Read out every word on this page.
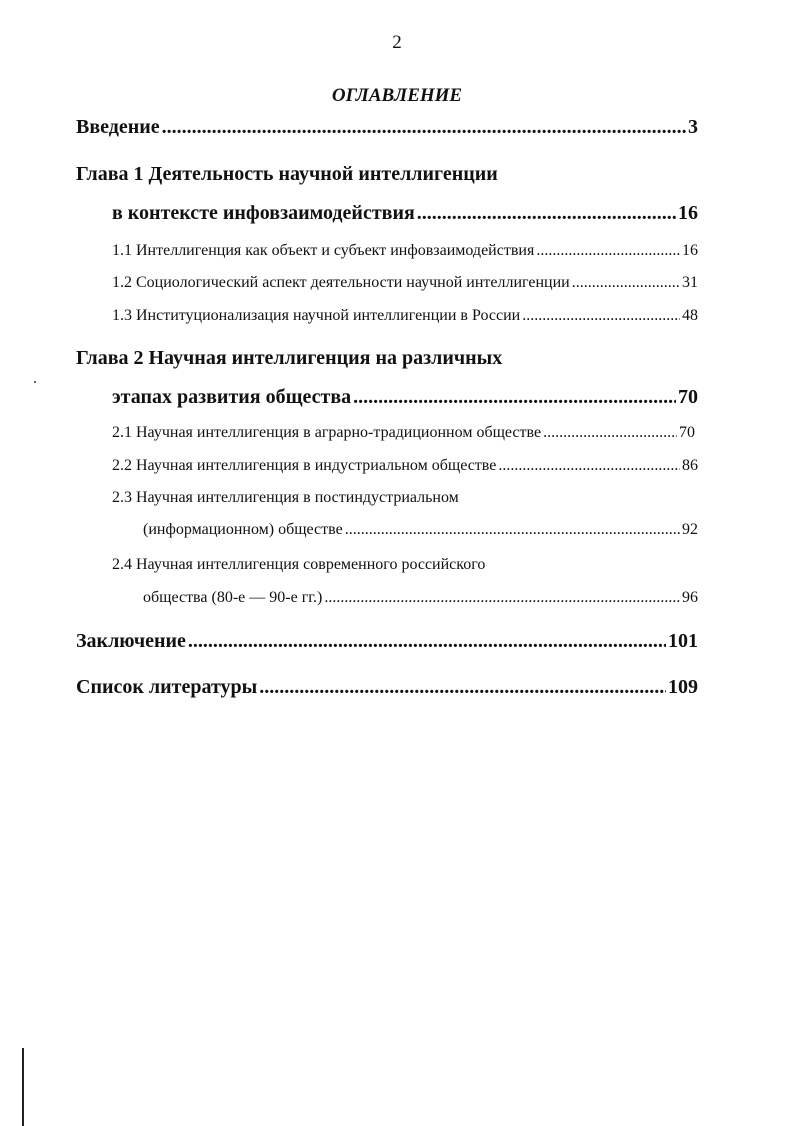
2
ОГЛАВЛЕНИЕ
Введение .....	3
Глава 1 Деятельность научной интеллигенции
в контексте инфовзаимодействия .....	16
1.1 Интеллигенция как объект и субъект инфовзаимодействия .....	16
1.2 Социологический аспект деятельности научной интеллигенции .....	31
1.3 Институционализация научной интеллигенции в России .....	48
Глава 2 Научная интеллигенция на различных
этапах развития общества .....	70
2.1 Научная интеллигенция в аграрно-традиционном обществе .....	70
2.2 Научная интеллигенция в индустриальном обществе .....	86
2.3 Научная интеллигенция в постиндустриальном
(информационном) обществе .....	92
2.4 Научная интеллигенция современного российского
общества (80-е — 90-е гг.) .....	96
Заключение .....	101
Список литературы .....	109
